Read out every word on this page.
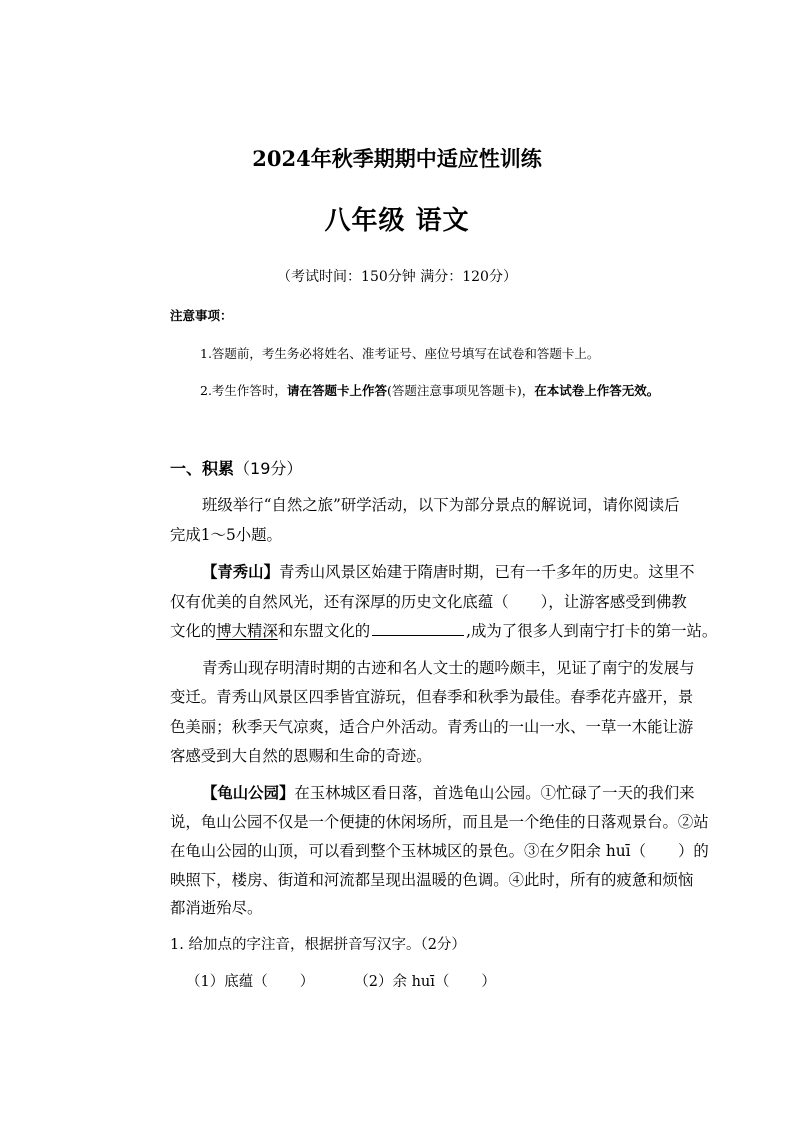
2024年秋季期期中适应性训练
八年级 语文
（考试时间：150分钟 满分：120分）
注意事项：
1.答题前，考生务必将姓名、准考证号、座位号填写在试卷和答题卡上。
2.考生作答时，请在答题卡上作答(答题注意事项见答题卡)，在本试卷上作答无效。
一、积累（19分）
班级举行“自然之旅”研学活动，以下为部分景点的解说词，请你阅读后
完成1～5小题。
【青秀山】青秀山风景区始建于隋唐时期，已有一千多年的历史。这里不
仅有优美的自然风光，还有深厚的历史文化底蕴（ ），让游客感受到佛教
文化的博大精深和东盟文化的	,成为了很多人到南宁打卡的第一站。
青秀山现存明清时期的古迹和名人文士的题吟颇丰，见证了南宁的发展与
变迁。青秀山风景区四季皆宜游玩，但春季和秋季为最佳。春季花卉盛开，景
色美丽；秋季天气凉爽，适合户外活动。青秀山的一山一水、一草一木能让游
客感受到大自然的恩赐和生命的奇迹。
【龟山公园】在玉林城区看日落，首选龟山公园。①忙碌了一天的我们来
说，龟山公园不仅是一个便捷的休闲场所，而且是一个绝佳的日落观景台。②站
在龟山公园的山顶，可以看到整个玉林城区的景色。③在夕阳余 huī（ ）的
映照下，楼房、街道和河流都呈现出温暖的色调。④此时，所有的疲惫和烦恼
都消逝殆尽。
1. 给加点的字注音，根据拼音写汉字。（2分）
（1）底蕴（ ）	（2）余 huī（ ）
